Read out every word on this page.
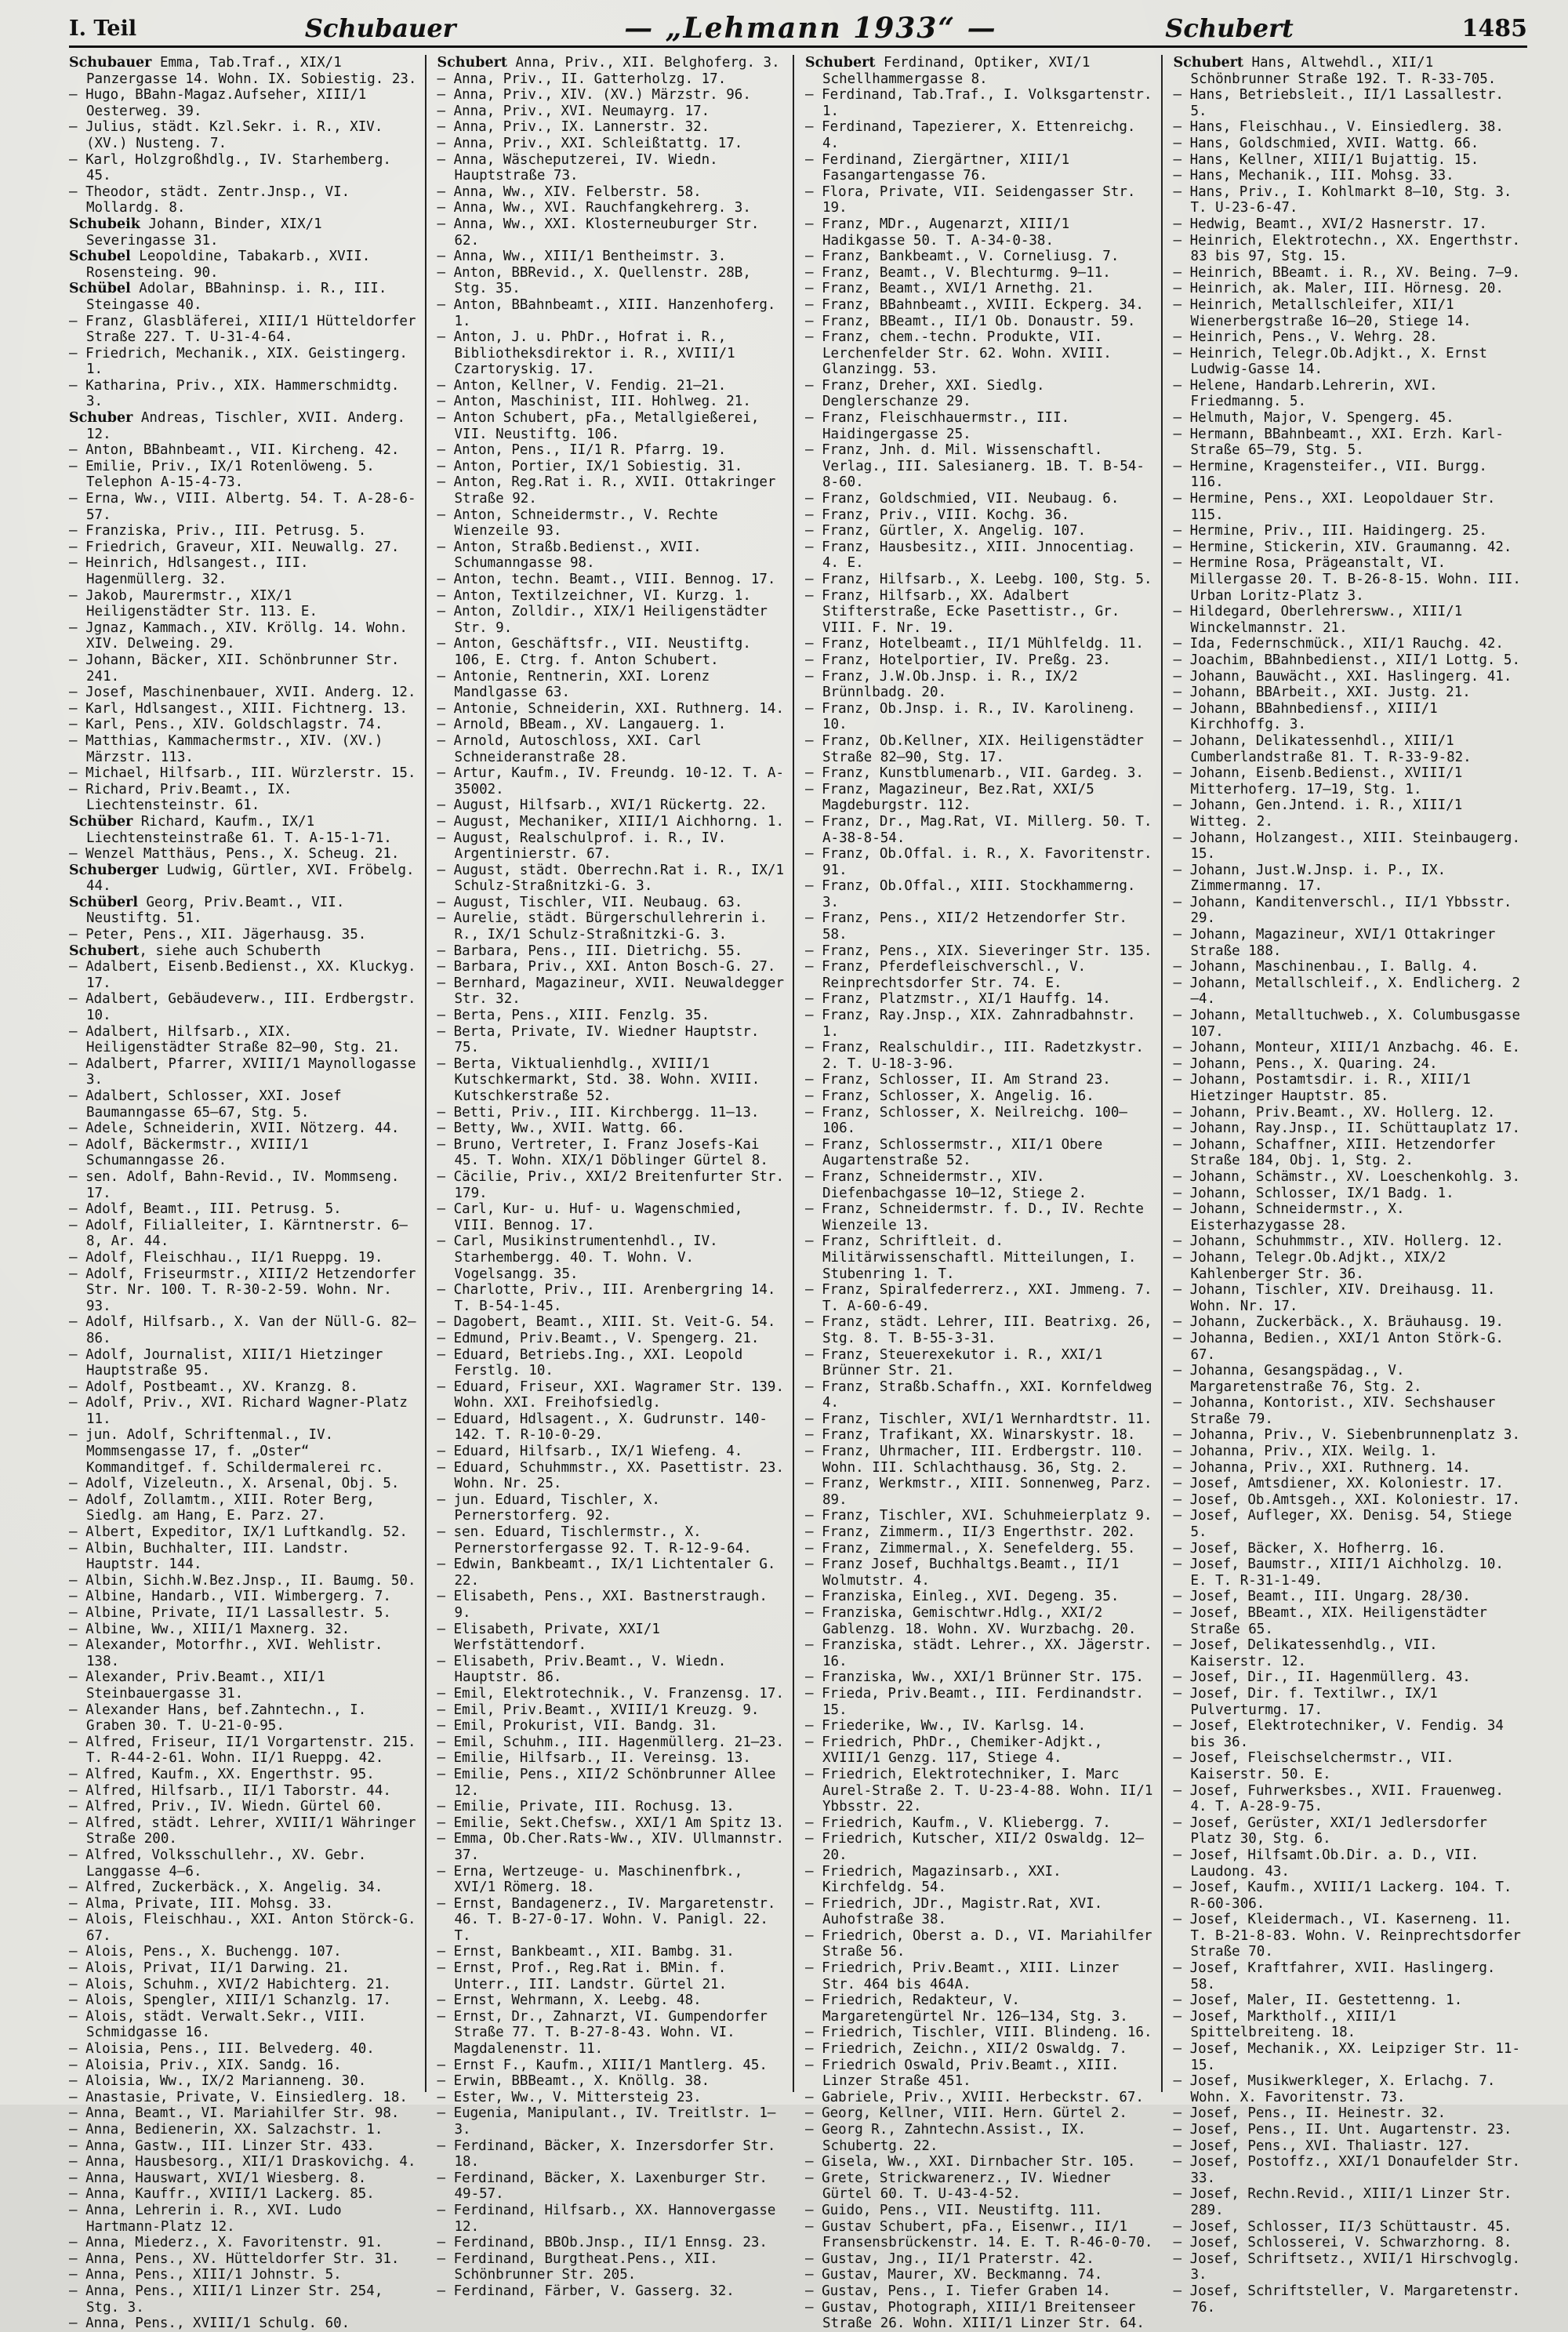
I. Teil	Schubauer	— „Lehmann 1933“ —	Schubert	1485
Schubauer Emma, Tab.Traf., XIX/1 Panzergasse 14. Wohn. IX. Sobiestig. 23.
— Hugo, BBahn-Magaz.Aufseher, XIII/1 Oesterweg. 39.
— Julius, städt. Kzl.Sekr. i. R., XIV. (XV.) Nusteng. 7.
— Karl, Holzgroßhdlg., IV. Starhemberg. 45.
— Theodor, städt. Zentr.Jnsp., VI. Mollardg. 8.
Schubeik Johann, Binder, XIX/1 Severingasse 31.
Schubel Leopoldine, Tabakarb., XVII. Rosensteing. 90.
Schübel Adolar, BBahninsp. i. R., III. Steingasse 40.
— Franz, Glasbläferei, XIII/1 Hütteldorfer Straße 227. T. U-31-4-64.
— Friedrich, Mechanik., XIX. Geistingerg. 1.
— Katharina, Priv., XIX. Hammerschmidtg. 3.
Schuber Andreas, Tischler, XVII. Anderg. 12.
— Anton, BBahnbeamt., VII. Kircheng. 42.
— Emilie, Priv., IX/1 Rotenlöweng. 5. Telephon A-15-4-73.
— Erna, Ww., VIII. Albertg. 54. T. A-28-6-57.
— Franziska, Priv., III. Petrusg. 5.
— Friedrich, Graveur, XII. Neuwallg. 27.
— Heinrich, Hdlsangest., III. Hagenmüllerg. 32.
— Jakob, Maurermstr., XIX/1 Heiligenstädter Str. 113. E.
— Jgnaz, Kammach., XIV. Kröllg. 14. Wohn. XIV. Delweing. 29.
— Johann, Bäcker, XII. Schönbrunner Str. 241.
— Josef, Maschinenbauer, XVII. Anderg. 12.
— Karl, Hdlsangest., XIII. Fichtnerg. 13.
— Karl, Pens., XIV. Goldschlagstr. 74.
— Matthias, Kammachermstr., XIV. (XV.) Märzstr. 113.
— Michael, Hilfsarb., III. Würzlerstr. 15.
— Richard, Priv.Beamt., IX. Liechtensteinstr. 61.
Schüber Richard, Kaufm., IX/1 Liechtensteinstraße 61. T. A-15-1-71.
— Wenzel Matthäus, Pens., X. Scheug. 21.
Schuberger Ludwig, Gürtler, XVI. Fröbelg. 44.
Schüberl Georg, Priv.Beamt., VII. Neustiftg. 51.
— Peter, Pens., XII. Jägerhausg. 35.
Schubert, siehe auch Schuberth
— Adalbert, Eisenb.Bedienst., XX. Kluckyg. 17.
— Adalbert, Gebäudeverw., III. Erdbergstr. 10.
— Adalbert, Hilfsarb., XIX. Heiligenstädter Straße 82—90, Stg. 21.
— Adalbert, Pfarrer, XVIII/1 Maynollogasse 3.
— Adalbert, Schlosser, XXI. Josef Baumanngasse 65—67, Stg. 5.
— Adele, Schneiderin, XVII. Nötzerg. 44.
— Adolf, Bäckermstr., XVIII/1 Schumanngasse 26.
— sen. Adolf, Bahn-Revid., IV. Mommseng. 17.
— Adolf, Beamt., III. Petrusg. 5.
— Adolf, Filialleiter, I. Kärntnerstr. 6—8, Ar. 44.
— Adolf, Fleischhau., II/1 Rueppg. 19.
— Adolf, Friseurmstr., XIII/2 Hetzendorfer Str. Nr. 100. T. R-30-2-59. Wohn. Nr. 93.
— Adolf, Hilfsarb., X. Van der Nüll-G. 82—86.
— Adolf, Journalist, XIII/1 Hietzinger Hauptstraße 95.
— Adolf, Postbeamt., XV. Kranzg. 8.
— Adolf, Priv., XVI. Richard Wagner-Platz 11.
— jun. Adolf, Schriftenmal., IV. Mommsengasse 17, f. „Oster“ Kommanditgef. f. Schildermalerei rc.
— Adolf, Vizeleutn., X. Arsenal, Obj. 5.
— Adolf, Zollamtm., XIII. Roter Berg, Siedlg. am Hang, E. Parz. 27.
— Albert, Expeditor, IX/1 Luftkandlg. 52.
— Albin, Buchhalter, III. Landstr. Hauptstr. 144.
— Albin, Sichh.W.Bez.Jnsp., II. Baumg. 50.
— Albine, Handarb., VII. Wimbergerg. 7.
— Albine, Private, II/1 Lassallestr. 5.
— Albine, Ww., XIII/1 Maxnerg. 32.
— Alexander, Motorfhr., XVI. Wehlistr. 138.
— Alexander, Priv.Beamt., XII/1 Steinbauergasse 31.
— Alexander Hans, bef.Zahntechn., I. Graben 30. T. U-21-0-95.
— Alfred, Friseur, II/1 Vorgartenstr. 215. T. R-44-2-61. Wohn. II/1 Rueppg. 42.
— Alfred, Kaufm., XX. Engerthstr. 95.
— Alfred, Hilfsarb., II/1 Taborstr. 44.
— Alfred, Priv., IV. Wiedn. Gürtel 60.
— Alfred, städt. Lehrer, XVIII/1 Währinger Straße 200.
— Alfred, Volksschullehr., XV. Gebr. Langgasse 4—6.
— Alfred, Zuckerbäck., X. Angelig. 34.
— Alma, Private, III. Mohsg. 33.
— Alois, Fleischhau., XXI. Anton Störck-G. 67.
— Alois, Pens., X. Buchengg. 107.
— Alois, Privat, II/1 Darwing. 21.
— Alois, Schuhm., XVI/2 Habichterg. 21.
— Alois, Spengler, XIII/1 Schanzlg. 17.
— Alois, städt. Verwalt.Sekr., VIII. Schmidgasse 16.
— Aloisia, Pens., III. Belvederg. 40.
— Aloisia, Priv., XIX. Sandg. 16.
— Aloisia, Ww., IX/2 Marianneng. 30.
— Anastasie, Private, V. Einsiedlerg. 18.
— Anna, Beamt., VI. Mariahilfer Str. 98.
— Anna, Bedienerin, XX. Salzachstr. 1.
— Anna, Gastw., III. Linzer Str. 433.
— Anna, Hausbesorg., XII/1 Draskovichg. 4.
— Anna, Hauswart, XVI/1 Wiesberg. 8.
— Anna, Kauffr., XVIII/1 Lackerg. 85.
— Anna, Lehrerin i. R., XVI. Ludo Hartmann-Platz 12.
— Anna, Miederz., X. Favoritenstr. 91.
— Anna, Pens., XV. Hütteldorfer Str. 31.
— Anna, Pens., XIII/1 Johnstr. 5.
— Anna, Pens., XIII/1 Linzer Str. 254, Stg. 3.
— Anna, Pens., XVIII/1 Schulg. 60.
Schubert Anna, Priv., XII. Belghoferg. 3.
— Anna, Priv., II. Gatterholzg. 17.
— Anna, Priv., XIV. (XV.) Märzstr. 96.
— Anna, Priv., XVI. Neumayrg. 17.
— Anna, Priv., IX. Lannerstr. 32.
— Anna, Priv., XXI. Schleißtattg. 17.
— Anna, Wäscheputzerei, IV. Wiedn. Hauptstraße 73.
— Anna, Ww., XIV. Felberstr. 58.
— Anna, Ww., XVI. Rauchfangkehrerg. 3.
— Anna, Ww., XXI. Klosterneuburger Str. 62.
— Anna, Ww., XIII/1 Bentheimstr. 3.
— Anton, BBRevid., X. Quellenstr. 28B, Stg. 35.
— Anton, BBahnbeamt., XIII. Hanzenhoferg. 1.
— Anton, J. u. PhDr., Hofrat i. R., Bibliotheksdirektor i. R., XVIII/1 Czartoryskig. 17.
— Anton, Kellner, V. Fendig. 21—21.
— Anton, Maschinist, III. Hohlweg. 21.
— Anton Schubert, pFa., Metallgießerei, VII. Neustiftg. 106.
— Anton, Pens., II/1 R. Pfarrg. 19.
— Anton, Portier, IX/1 Sobiestig. 31.
— Anton, Reg.Rat i. R., XVII. Ottakringer Straße 92.
— Anton, Schneidermstr., V. Rechte Wienzeile 93.
— Anton, Straßb.Bedienst., XVII. Schumanngasse 98.
— Anton, techn. Beamt., VIII. Bennog. 17.
— Anton, Textilzeichner, VI. Kurzg. 1.
— Anton, Zolldir., XIX/1 Heiligenstädter Str. 9.
— Anton, Geschäftsfr., VII. Neustiftg. 106, E. Ctrg. f. Anton Schubert.
— Antonie, Rentnerin, XXI. Lorenz Mandlgasse 63.
— Antonie, Schneiderin, XXI. Ruthnerg. 14.
— Arnold, BBeam., XV. Langauerg. 1.
— Arnold, Autoschloss, XXI. Carl Schneideranstraße 28.
— Artur, Kaufm., IV. Freundg. 10-12. T. A-35002.
— August, Hilfsarb., XVI/1 Rückertg. 22.
— August, Mechaniker, XIII/1 Aichhorng. 1.
— August, Realschulprof. i. R., IV. Argentinierstr. 67.
— August, städt. Oberrechn.Rat i. R., IX/1 Schulz-Straßnitzki-G. 3.
— August, Tischler, VII. Neubaug. 63.
— Aurelie, städt. Bürgerschullehrerin i. R., IX/1 Schulz-Straßnitzki-G. 3.
— Barbara, Pens., III. Dietrichg. 55.
— Barbara, Priv., XXI. Anton Bosch-G. 27.
— Bernhard, Magazineur, XVII. Neuwaldegger Str. 32.
— Berta, Pens., XIII. Fenzlg. 35.
— Berta, Private, IV. Wiedner Hauptstr. 75.
— Berta, Viktualienhdlg., XVIII/1 Kutschkermarkt, Std. 38. Wohn. XVIII. Kutschkerstraße 52.
— Betti, Priv., III. Kirchbergg. 11—13.
— Betty, Ww., XVII. Wattg. 66.
— Bruno, Vertreter, I. Franz Josefs-Kai 45. T. Wohn. XIX/1 Döblinger Gürtel 8.
— Cäcilie, Priv., XXI/2 Breitenfurter Str. 179.
— Carl, Kur- u. Huf- u. Wagenschmied, VIII. Bennog. 17.
— Carl, Musikinstrumentenhdl., IV. Starhembergg. 40. T. Wohn. V. Vogelsangg. 35.
— Charlotte, Priv., III. Arenbergring 14. T. B-54-1-45.
— Dagobert, Beamt., XIII. St. Veit-G. 54.
— Edmund, Priv.Beamt., V. Spengerg. 21.
— Eduard, Betriebs.Ing., XXI. Leopold Ferstlg. 10.
— Eduard, Friseur, XXI. Wagramer Str. 139. Wohn. XXI. Freihofsiedlg.
— Eduard, Hdlsagent., X. Gudrunstr. 140-142. T. R-10-0-29.
— Eduard, Hilfsarb., IX/1 Wiefeng. 4.
— Eduard, Schuhmmstr., XX. Pasettistr. 23. Wohn. Nr. 25.
— jun. Eduard, Tischler, X. Pernerstorferg. 92.
— sen. Eduard, Tischlermstr., X. Pernerstorfergasse 92. T. R-12-9-64.
— Edwin, Bankbeamt., IX/1 Lichtentaler G. 22.
— Elisabeth, Pens., XXI. Bastnerstraugh. 9.
— Elisabeth, Private, XXI/1 Werfstättendorf.
— Elisabeth, Priv.Beamt., V. Wiedn. Hauptstr. 86.
— Emil, Elektrotechnik., V. Franzensg. 17.
— Emil, Priv.Beamt., XVIII/1 Kreuzg. 9.
— Emil, Prokurist, VII. Bandg. 31.
— Emil, Schuhm., III. Hagenmüllerg. 21—23.
— Emilie, Hilfsarb., II. Vereinsg. 13.
— Emilie, Pens., XII/2 Schönbrunner Allee 12.
— Emilie, Private, III. Rochusg. 13.
— Emilie, Sekt.Chefsw., XXI/1 Am Spitz 13.
— Emma, Ob.Cher.Rats-Ww., XIV. Ullmannstr. 37.
— Erna, Wertzeuge- u. Maschinenfbrk., XVI/1 Römerg. 18.
— Ernst, Bandagenerz., IV. Margaretenstr. 46. T. B-27-0-17. Wohn. V. Panigl. 22. T.
— Ernst, Bankbeamt., XII. Bambg. 31.
— Ernst, Prof., Reg.Rat i. BMin. f. Unterr., III. Landstr. Gürtel 21.
— Ernst, Wehrmann, X. Leebg. 48.
— Ernst, Dr., Zahnarzt, VI. Gumpendorfer Straße 77. T. B-27-8-43. Wohn. VI. Magdalenenstr. 11.
— Ernst F., Kaufm., XIII/1 Mantlerg. 45.
— Erwin, BBBeamt., X. Knöllg. 38.
— Ester, Ww., V. Mittersteig 23.
— Eugenia, Manipulant., IV. Treitlstr. 1—3.
— Ferdinand, Bäcker, X. Inzersdorfer Str. 18.
— Ferdinand, Bäcker, X. Laxenburger Str. 49-57.
— Ferdinand, Hilfsarb., XX. Hannovergasse 12.
— Ferdinand, BBOb.Jnsp., II/1 Ennsg. 23.
— Ferdinand, Burgtheat.Pens., XII. Schönbrunner Str. 205.
— Ferdinand, Färber, V. Gasserg. 32.
Schubert Ferdinand, Optiker, XVI/1 Schellhammergasse 8.
— Ferdinand, Tab.Traf., I. Volksgartenstr. 1.
— Ferdinand, Tapezierer, X. Ettenreichg. 4.
— Ferdinand, Ziergärtner, XIII/1 Fasangartengasse 76.
— Flora, Private, VII. Seidengasser Str. 19.
— Franz, MDr., Augenarzt, XIII/1 Hadikgasse 50. T. A-34-0-38.
— Franz, Bankbeamt., V. Corneliusg. 7.
— Franz, Beamt., V. Blechturmg. 9—11.
— Franz, Beamt., XVI/1 Arnethg. 21.
— Franz, BBahnbeamt., XVIII. Eckperg. 34.
— Franz, BBeamt., II/1 Ob. Donaustr. 59.
— Franz, chem.-techn. Produkte, VII. Lerchenfelder Str. 62. Wohn. XVIII. Glanzingg. 53.
— Franz, Dreher, XXI. Siedlg. Denglerschanze 29.
— Franz, Fleischhauermstr., III. Haidingergasse 25.
— Franz, Jnh. d. Mil. Wissenschaftl. Verlag., III. Salesianerg. 1B. T. B-54-8-60.
— Franz, Goldschmied, VII. Neubaug. 6.
— Franz, Priv., VIII. Kochg. 36.
— Franz, Gürtler, X. Angelig. 107.
— Franz, Hausbesitz., XIII. Jnnocentiag. 4. E.
— Franz, Hilfsarb., X. Leebg. 100, Stg. 5.
— Franz, Hilfsarb., XX. Adalbert Stifterstraße, Ecke Pasettistr., Gr. VIII. F. Nr. 19.
— Franz, Hotelbeamt., II/1 Mühlfeldg. 11.
— Franz, Hotelportier, IV. Preßg. 23.
— Franz, J.W.Ob.Jnsp. i. R., IX/2 Brünnlbadg. 20.
— Franz, Ob.Jnsp. i. R., IV. Karolineng. 10.
— Franz, Ob.Kellner, XIX. Heiligenstädter Straße 82—90, Stg. 17.
— Franz, Kunstblumenarb., VII. Gardeg. 3.
— Franz, Magazineur, Bez.Rat, XXI/5 Magdeburgstr. 112.
— Franz, Dr., Mag.Rat, VI. Millerg. 50. T. A-38-8-54.
— Franz, Ob.Offal. i. R., X. Favoritenstr. 91.
— Franz, Ob.Offal., XIII. Stockhammerng. 3.
— Franz, Pens., XII/2 Hetzendorfer Str. 58.
— Franz, Pens., XIX. Sieveringer Str. 135.
— Franz, Pferdefleischverschl., V. Reinprechtsdorfer Str. 74. E.
— Franz, Platzmstr., XI/1 Hauffg. 14.
— Franz, Ray.Jnsp., XIX. Zahnradbahnstr. 1.
— Franz, Realschuldir., III. Radetzkystr. 2. T. U-18-3-96.
— Franz, Schlosser, II. Am Strand 23.
— Franz, Schlosser, X. Angelig. 16.
— Franz, Schlosser, X. Neilreichg. 100—106.
— Franz, Schlossermstr., XII/1 Obere Augartenstraße 52.
— Franz, Schneidermstr., XIV. Diefenbachgasse 10—12, Stiege 2.
— Franz, Schneidermstr. f. D., IV. Rechte Wienzeile 13.
— Franz, Schriftleit. d. Militärwissenschaftl. Mitteilungen, I. Stubenring 1. T.
— Franz, Spiralfederrerz., XXI. Jmmeng. 7. T. A-60-6-49.
— Franz, städt. Lehrer, III. Beatrixg. 26, Stg. 8. T. B-55-3-31.
— Franz, Steuerexekutor i. R., XXI/1 Brünner Str. 21.
— Franz, Straßb.Schaffn., XXI. Kornfeldweg 4.
— Franz, Tischler, XVI/1 Wernhardtstr. 11.
— Franz, Trafikant, XX. Winarskystr. 18.
— Franz, Uhrmacher, III. Erdbergstr. 110. Wohn. III. Schlachthausg. 36, Stg. 2.
— Franz, Werkmstr., XIII. Sonnenweg, Parz. 89.
— Franz, Tischler, XVI. Schuhmeierplatz 9.
— Franz, Zimmerm., II/3 Engerthstr. 202.
— Franz, Zimmermal., X. Senefelderg. 55.
— Franz Josef, Buchhaltgs.Beamt., II/1 Wolmutstr. 4.
— Franziska, Einleg., XVI. Degeng. 35.
— Franziska, Gemischtwr.Hdlg., XXI/2 Gablenzg. 18. Wohn. XV. Wurzbachg. 20.
— Franziska, städt. Lehrer., XX. Jägerstr. 16.
— Franziska, Ww., XXI/1 Brünner Str. 175.
— Frieda, Priv.Beamt., III. Ferdinandstr. 15.
— Friederike, Ww., IV. Karlsg. 14.
— Friedrich, PhDr., Chemiker-Adjkt., XVIII/1 Genzg. 117, Stiege 4.
— Friedrich, Elektrotechniker, I. Marc Aurel-Straße 2. T. U-23-4-88. Wohn. II/1 Ybbsstr. 22.
— Friedrich, Kaufm., V. Kliebergg. 7.
— Friedrich, Kutscher, XII/2 Oswaldg. 12—20.
— Friedrich, Magazinsarb., XXI. Kirchfeldg. 54.
— Friedrich, JDr., Magistr.Rat, XVI. Auhofstraße 38.
— Friedrich, Oberst a. D., VI. Mariahilfer Straße 56.
— Friedrich, Priv.Beamt., XIII. Linzer Str. 464 bis 464A.
— Friedrich, Redakteur, V. Margaretengürtel Nr. 126—134, Stg. 3.
— Friedrich, Tischler, VIII. Blindeng. 16.
— Friedrich, Zeichn., XII/2 Oswaldg. 7.
— Friedrich Oswald, Priv.Beamt., XIII. Linzer Straße 451.
— Gabriele, Priv., XVIII. Herbeckstr. 67.
— Georg, Kellner, VIII. Hern. Gürtel 2.
— Georg R., Zahntechn.Assist., IX. Schubertg. 22.
— Gisela, Ww., XXI. Dirnbacher Str. 105.
— Grete, Strickwarenerz., IV. Wiedner Gürtel 60. T. U-43-4-52.
— Guido, Pens., VII. Neustiftg. 111.
— Gustav Schubert, pFa., Eisenwr., II/1 Fransensbrückenstr. 14. E. T. R-46-0-70.
— Gustav, Jng., II/1 Praterstr. 42.
— Gustav, Maurer, XV. Beckmanng. 74.
— Gustav, Pens., I. Tiefer Graben 14.
— Gustav, Photograph, XIII/1 Breitenseer Straße 26. Wohn. XIII/1 Linzer Str. 64.
Schubert Hans, Altwehdl., XII/1 Schönbrunner Straße 192. T. R-33-705.
— Hans, Betriebsleit., II/1 Lassallestr. 5.
— Hans, Fleischhau., V. Einsiedlerg. 38.
— Hans, Goldschmied, XVII. Wattg. 66.
— Hans, Kellner, XIII/1 Bujattig. 15.
— Hans, Mechanik., III. Mohsg. 33.
— Hans, Priv., I. Kohlmarkt 8—10, Stg. 3. T. U-23-6-47.
— Hedwig, Beamt., XVI/2 Hasnerstr. 17.
— Heinrich, Elektrotechn., XX. Engerthstr. 83 bis 97, Stg. 15.
— Heinrich, BBeamt. i. R., XV. Being. 7—9.
— Heinrich, ak. Maler, III. Hörnesg. 20.
— Heinrich, Metallschleifer, XII/1 Wienerbergstraße 16—20, Stiege 14.
— Heinrich, Pens., V. Wehrg. 28.
— Heinrich, Telegr.Ob.Adjkt., X. Ernst Ludwig-Gasse 14.
— Helene, Handarb.Lehrerin, XVI. Friedmanng. 5.
— Helmuth, Major, V. Spengerg. 45.
— Hermann, BBahnbeamt., XXI. Erzh. Karl-Straße 65—79, Stg. 5.
— Hermine, Kragensteifer., VII. Burgg. 116.
— Hermine, Pens., XXI. Leopoldauer Str. 115.
— Hermine, Priv., III. Haidingerg. 25.
— Hermine, Stickerin, XIV. Graumanng. 42.
— Hermine Rosa, Prägeanstalt, VI. Millergasse 20. T. B-26-8-15. Wohn. III. Urban Loritz-Platz 3.
— Hildegard, Oberlehrersww., XIII/1 Winckelmannstr. 21.
— Ida, Federnschmück., XII/1 Rauchg. 42.
— Joachim, BBahnbedienst., XII/1 Lottg. 5.
— Johann, Bauwächt., XXI. Haslingerg. 41.
— Johann, BBArbeit., XXI. Justg. 21.
— Johann, BBahnbediensf., XIII/1 Kirchhoffg. 3.
— Johann, Delikatessenhdl., XIII/1 Cumberlandstraße 81. T. R-33-9-82.
— Johann, Eisenb.Bedienst., XVIII/1 Mitterhoferg. 17—19, Stg. 1.
— Johann, Gen.Jntend. i. R., XIII/1 Witteg. 2.
— Johann, Holzangest., XIII. Steinbaugerg. 15.
— Johann, Just.W.Jnsp. i. P., IX. Zimmermanng. 17.
— Johann, Kanditenverschl., II/1 Ybbsstr. 29.
— Johann, Magazineur, XVI/1 Ottakringer Straße 188.
— Johann, Maschinenbau., I. Ballg. 4.
— Johann, Metallschleif., X. Endlicherg. 2—4.
— Johann, Metalltuchweb., X. Columbusgasse 107.
— Johann, Monteur, XIII/1 Anzbachg. 46. E.
— Johann, Pens., X. Quaring. 24.
— Johann, Postamtsdir. i. R., XIII/1 Hietzinger Hauptstr. 85.
— Johann, Priv.Beamt., XV. Hollerg. 12.
— Johann, Ray.Jnsp., II. Schüttauplatz 17.
— Johann, Schaffner, XIII. Hetzendorfer Straße 184, Obj. 1, Stg. 2.
— Johann, Schämstr., XV. Loeschenkohlg. 3.
— Johann, Schlosser, IX/1 Badg. 1.
— Johann, Schneidermstr., X. Eisterhazygasse 28.
— Johann, Schuhmmstr., XIV. Hollerg. 12.
— Johann, Telegr.Ob.Adjkt., XIX/2 Kahlenberger Str. 36.
— Johann, Tischler, XIV. Dreihausg. 11. Wohn. Nr. 17.
— Johann, Zuckerbäck., X. Bräuhausg. 19.
— Johanna, Bedien., XXI/1 Anton Störk-G. 67.
— Johanna, Gesangspädag., V. Margaretenstraße 76, Stg. 2.
— Johanna, Kontorist., XIV. Sechshauser Straße 79.
— Johanna, Priv., V. Siebenbrunnenplatz 3.
— Johanna, Priv., XIX. Weilg. 1.
— Johanna, Priv., XXI. Ruthnerg. 14.
— Josef, Amtsdiener, XX. Koloniestr. 17.
— Josef, Ob.Amtsgeh., XXI. Koloniestr. 17.
— Josef, Aufleger, XX. Denisg. 54, Stiege 5.
— Josef, Bäcker, X. Hofherrg. 16.
— Josef, Baumstr., XIII/1 Aichholzg. 10. E. T. R-31-1-49.
— Josef, Beamt., III. Ungarg. 28/30.
— Josef, BBeamt., XIX. Heiligenstädter Straße 65.
— Josef, Delikatessenhdlg., VII. Kaiserstr. 12.
— Josef, Dir., II. Hagenmüllerg. 43.
— Josef, Dir. f. Textilwr., IX/1 Pulverturmg. 17.
— Josef, Elektrotechniker, V. Fendig. 34 bis 36.
— Josef, Fleischselchermstr., VII. Kaiserstr. 50. E.
— Josef, Fuhrwerksbes., XVII. Frauenweg. 4. T. A-28-9-75.
— Josef, Gerüster, XXI/1 Jedlersdorfer Platz 30, Stg. 6.
— Josef, Hilfsamt.Ob.Dir. a. D., VII. Laudong. 43.
— Josef, Kaufm., XVIII/1 Lackerg. 104. T. R-60-306.
— Josef, Kleidermach., VI. Kaserneng. 11. T. B-21-8-83. Wohn. V. Reinprechtsdorfer Straße 70.
— Josef, Kraftfahrer, XVII. Haslingerg. 58.
— Josef, Maler, II. Gestettenng. 1.
— Josef, Marktholf., XIII/1 Spittelbreiteng. 18.
— Josef, Mechanik., XX. Leipziger Str. 11-15.
— Josef, Musikwerkleger, X. Erlachg. 7. Wohn. X. Favoritenstr. 73.
— Josef, Pens., II. Heinestr. 32.
— Josef, Pens., II. Unt. Augartenstr. 23.
— Josef, Pens., XVI. Thaliastr. 127.
— Josef, Postoffz., XXI/1 Donaufelder Str. 33.
— Josef, Rechn.Revid., XIII/1 Linzer Str. 289.
— Josef, Schlosser, II/3 Schüttaustr. 45.
— Josef, Schlosserei, V. Schwarzhorng. 8.
— Josef, Schriftsetz., XVII/1 Hirschvoglg. 3.
— Josef, Schriftsteller, V. Margaretenstr. 76.
